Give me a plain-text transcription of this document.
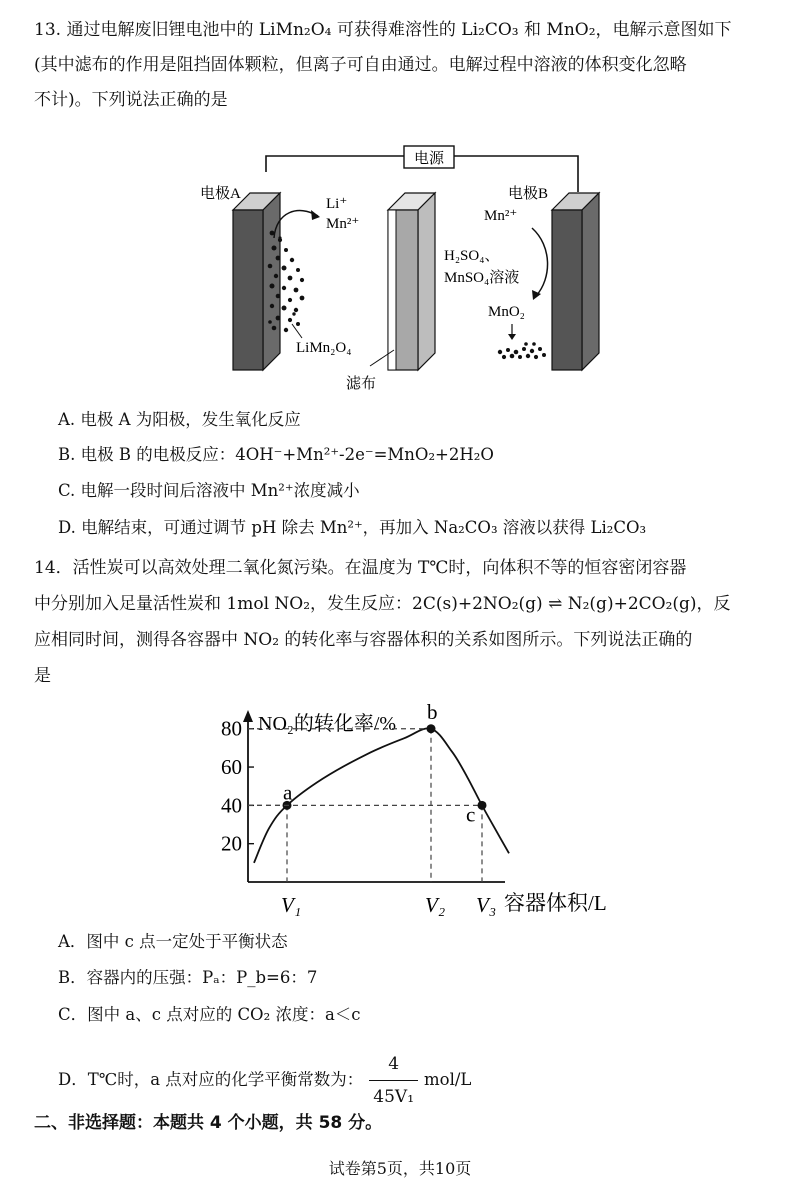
13. 通过电解废旧锂电池中的 LiMn₂O₄ 可获得难溶性的 Li₂CO₃ 和 MnO₂，电解示意图如下
(其中滤布的作用是阻挡固体颗粒，但离子可自由通过。电解过程中溶液的体积变化忽略
不计)。下列说法正确的是
电源
电极A
LiMn₂O₄
Li⁺
Mn²⁺
滤布
H₂SO₄、
MnSO₄溶液
电极B
Mn²⁺
MnO₂
A. 电极 A 为阳极，发生氧化反应
B. 电极 B 的电极反应：4OH⁻+Mn²⁺-2e⁻=MnO₂+2H₂O
C. 电解一段时间后溶液中 Mn²⁺浓度减小
D. 电解结束，可通过调节 pH 除去 Mn²⁺，再加入 Na₂CO₃ 溶液以获得 Li₂CO₃
14．活性炭可以高效处理二氧化氮污染。在温度为 T℃时，向体积不等的恒容密闭容器
中分别加入足量活性炭和 1mol NO₂，发生反应：2C(s)+2NO₂(g) ⇌ N₂(g)+2CO₂(g)，反
应相同时间，测得各容器中 NO₂ 的转化率与容器体积的关系如图所示。下列说法正确的
是
NO₂的转化率/%
容器体积/L
20
40
60
80
a
V₁
b
V₂
c
V₃
A．图中 c 点一定处于平衡状态
B．容器内的压强：Pₐ：P_b=6：7
C．图中 a、c 点对应的 CO₂ 浓度：a＜c
D．T℃时，a 点对应的化学平衡常数为： $\frac{4}{\text{45V₁}} mol/L$
二、非选择题：本题共 4 个小题，共 58 分。
试卷第5页，共10页
